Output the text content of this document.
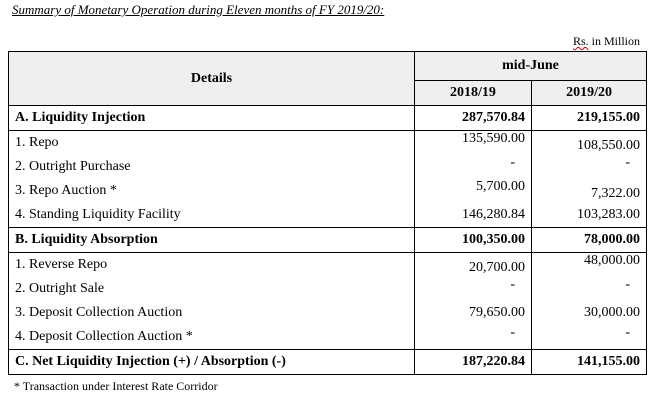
Summary of Monetary Operation during Eleven months of FY 2019/20:
Rs. in Million
Details	mid-June	
	2018/19	2019/20
A. Liquidity Injection	287,570.84	219,155.00
1. Repo	135,590.00	108,550.00
2. Outright Purchase	-	-
3. Repo Auction *	5,700.00	7,322.00
4. Standing Liquidity Facility	146,280.84	103,283.00
B. Liquidity Absorption	100,350.00	78,000.00
1. Reverse Repo	20,700.00	48,000.00
2. Outright Sale	-	-
3. Deposit Collection Auction	79,650.00	30,000.00
4. Deposit Collection Auction *	-	-
C. Net Liquidity Injection (+) / Absorption (-)	187,220.84	141,155.00
* Transaction under Interest Rate Corridor
